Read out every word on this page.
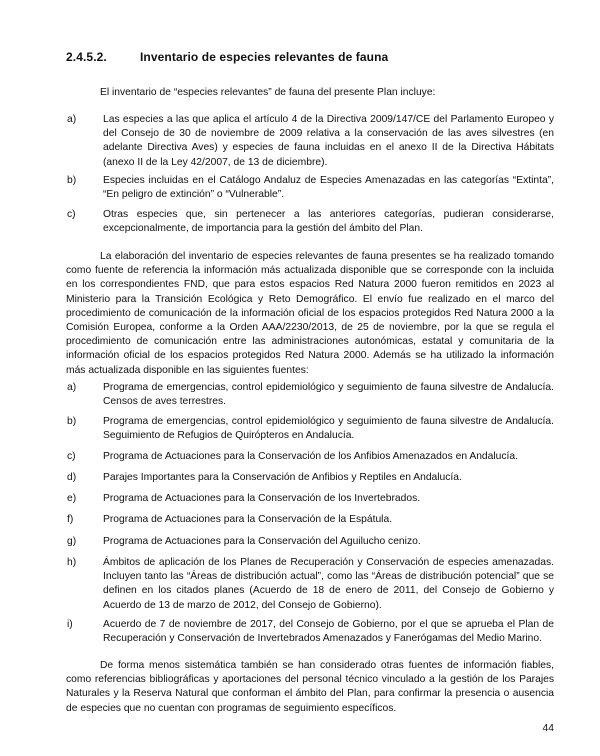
2.4.5.2.	Inventario de especies relevantes de fauna

El inventario de “especies relevantes” de fauna del presente Plan incluye:

a)	Las especies a las que aplica el artículo 4 de la Directiva 2009/147/CE del Parlamento Europeo y del Consejo de 30 de noviembre de 2009 relativa a la conservación de las aves silvestres (en adelante Directiva Aves) y especies de fauna incluidas en el anexo II de la Directiva Hábitats (anexo II de la Ley 42/2007, de 13 de diciembre).
b)	Especies incluidas en el Catálogo Andaluz de Especies Amenazadas en las categorías “Extinta”, “En peligro de extinción” o “Vulnerable”.
c)	Otras especies que, sin pertenecer a las anteriores categorías, pudieran considerarse, excepcionalmente, de importancia para la gestión del ámbito del Plan.

La elaboración del inventario de especies relevantes de fauna presentes se ha realizado tomando como fuente de referencia la información más actualizada disponible que se corresponde con la incluida en los correspondientes FND, que para estos espacios Red Natura 2000 fueron remitidos en 2023 al Ministerio para la Transición Ecológica y Reto Demográfico. El envío fue realizado en el marco del procedimiento de comunicación de la información oficial de los espacios protegidos Red Natura 2000 a la Comisión Europea, conforme a la Orden AAA/2230/2013, de 25 de noviembre, por la que se regula el procedimiento de comunicación entre las administraciones autonómicas, estatal y comunitaria de la información oficial de los espacios protegidos Red Natura 2000. Además se ha utilizado la información más actualizada disponible en las siguientes fuentes:

a)	Programa de emergencias, control epidemiológico y seguimiento de fauna silvestre de Andalucía. Censos de aves terrestres.
b)	Programa de emergencias, control epidemiológico y seguimiento de fauna silvestre de Andalucía. Seguimiento de Refugios de Quirópteros en Andalucía.
c)	Programa de Actuaciones para la Conservación de los Anfibios Amenazados en Andalucía.
d)	Parajes Importantes para la Conservación de Anfibios y Reptiles en Andalucía.
e)	Programa de Actuaciones para la Conservación de los Invertebrados.
f)	Programa de Actuaciones para la Conservación de la Espátula.
g)	Programa de Actuaciones para la Conservación del Aguilucho cenizo.
h)	Ámbitos de aplicación de los Planes de Recuperación y Conservación de especies amenazadas. Incluyen tanto las “Áreas de distribución actual”, como las “Áreas de distribución potencial” que se definen en los citados planes (Acuerdo de 18 de enero de 2011, del Consejo de Gobierno y Acuerdo de 13 de marzo de 2012, del Consejo de Gobierno).
i)	Acuerdo de 7 de noviembre de 2017, del Consejo de Gobierno, por el que se aprueba el Plan de Recuperación y Conservación de Invertebrados Amenazados y Fanerógamas del Medio Marino.

De forma menos sistemática también se han considerado otras fuentes de información fiables, como referencias bibliográficas y aportaciones del personal técnico vinculado a la gestión de los Parajes Naturales y la Reserva Natural que conforman el ámbito del Plan, para confirmar la presencia o ausencia de especies que no cuentan con programas de seguimiento específicos.

44
